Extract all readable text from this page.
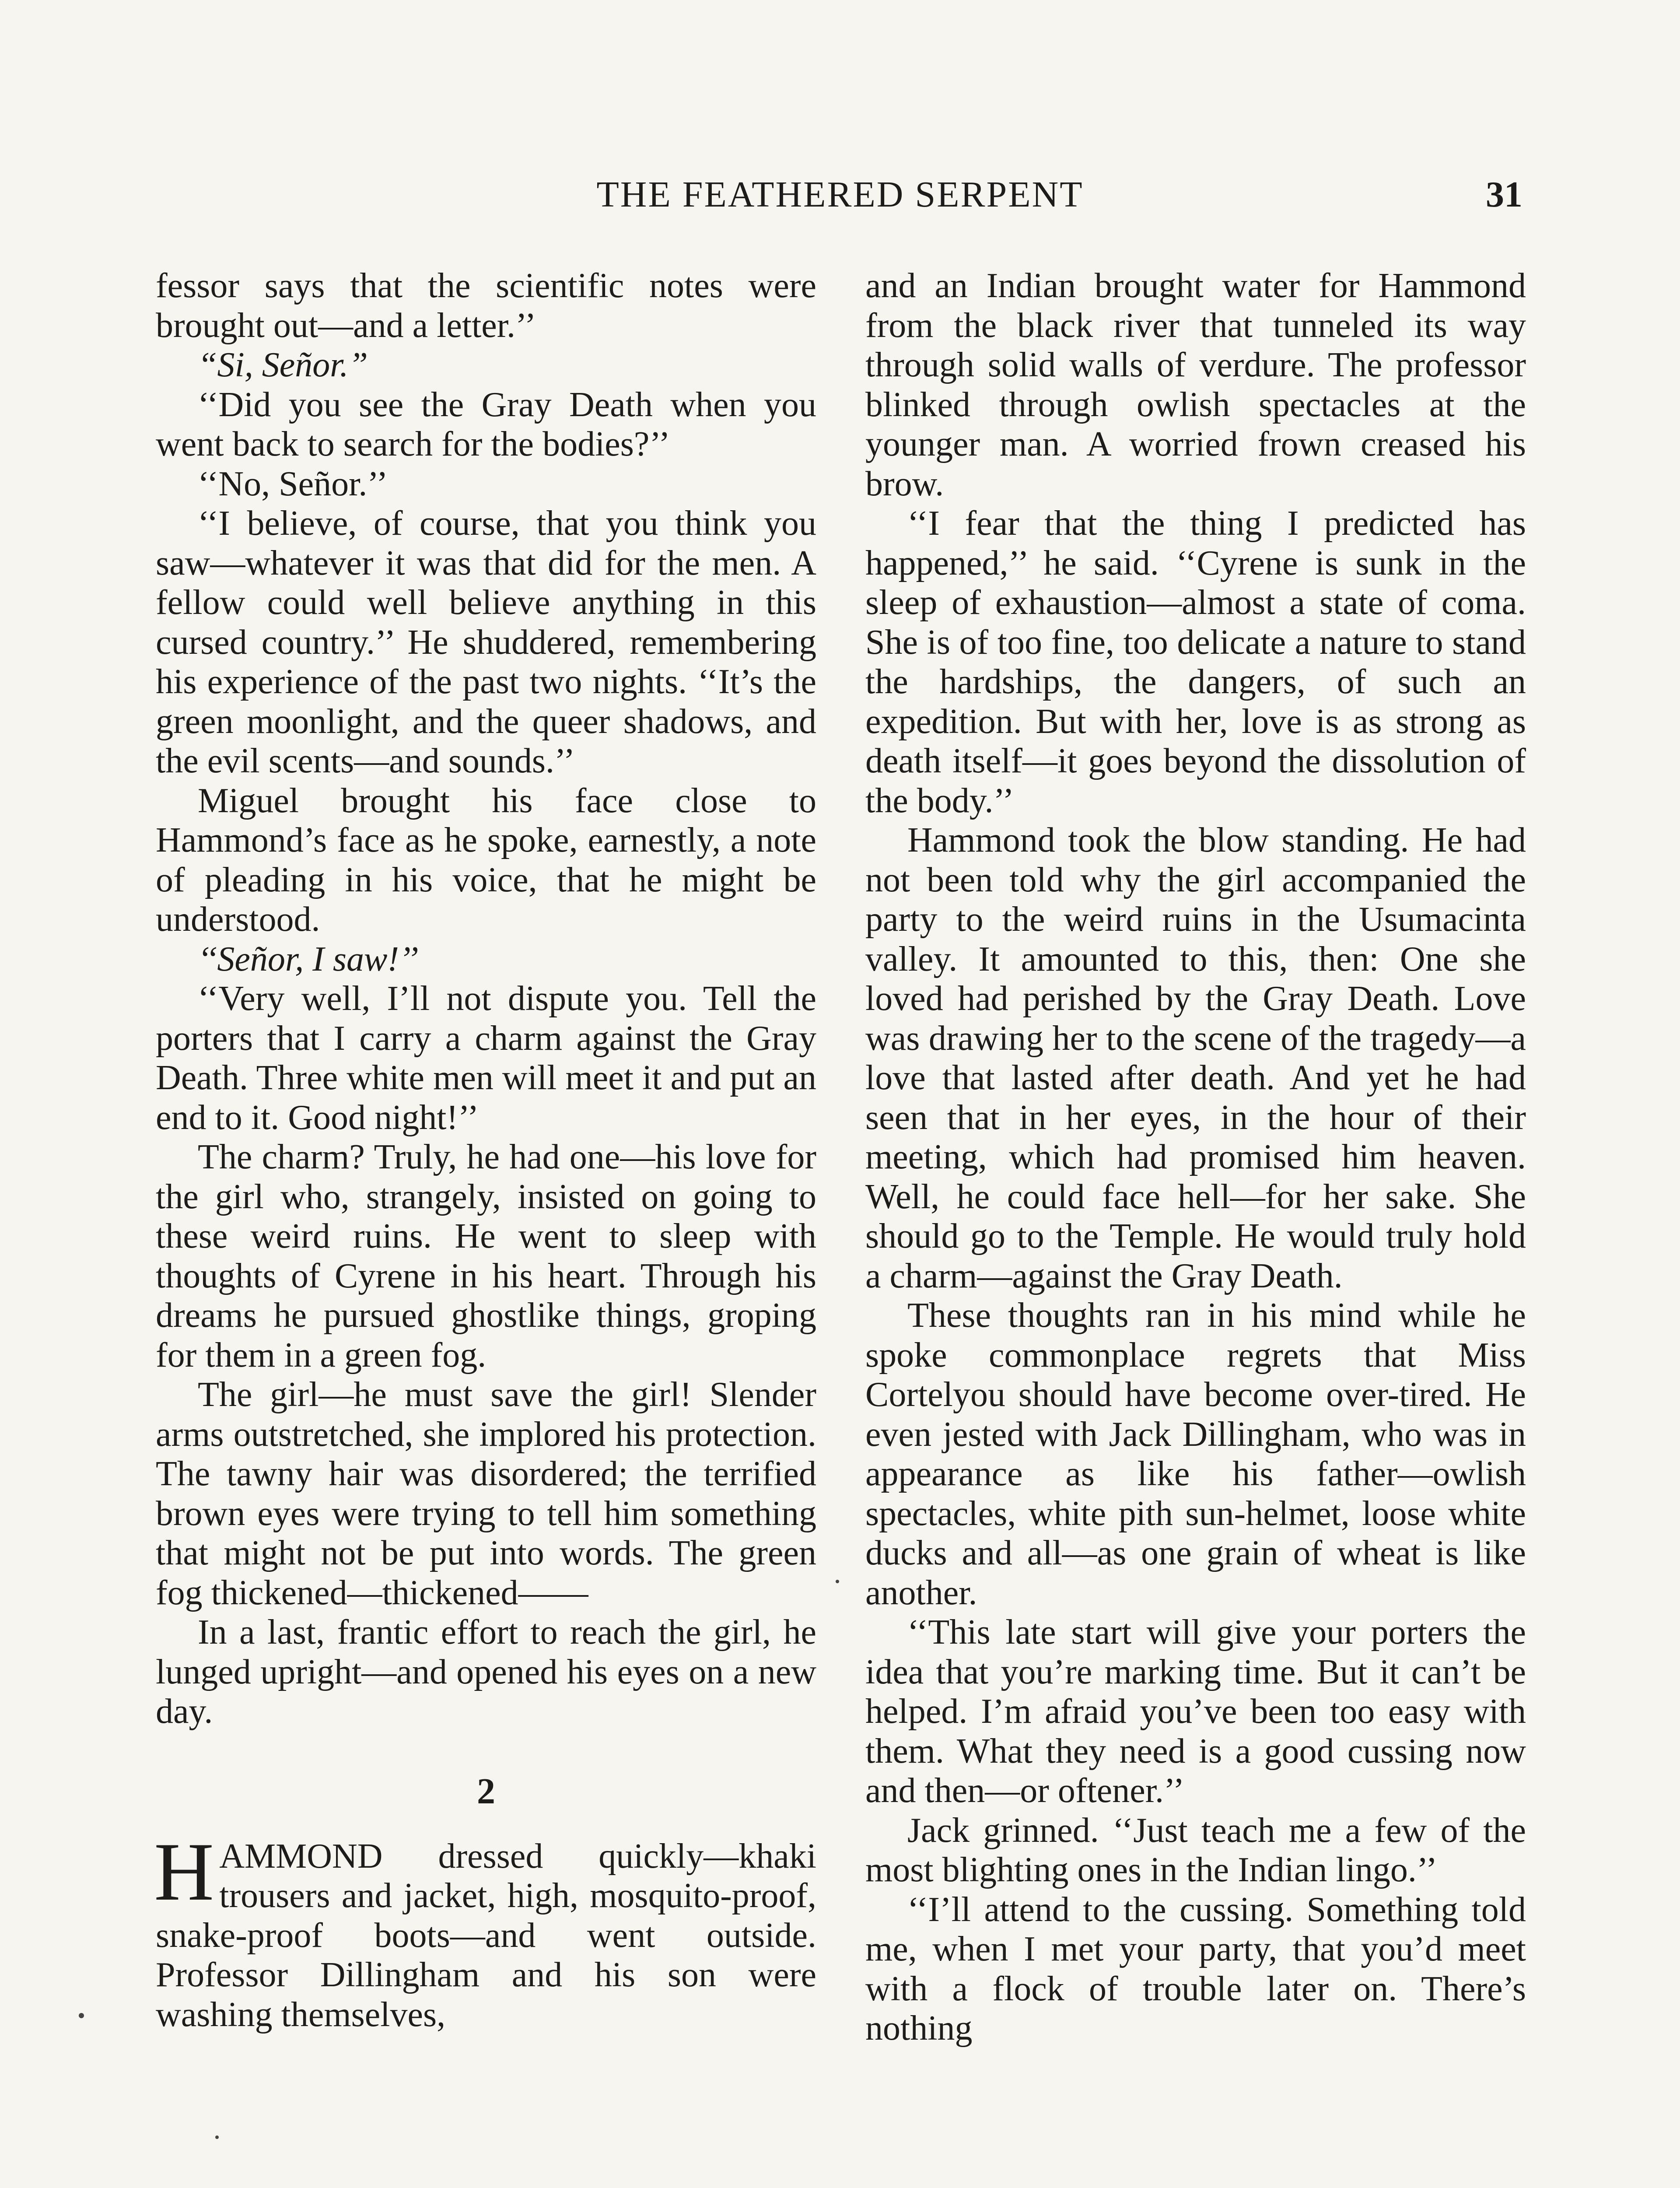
THE FEATHERED SERPENT	31

fessor says that the scientific notes were brought out—and a letter.’’

“Si, Señor.”

‘‘Did you see the Gray Death when you went back to search for the bodies?’’

‘‘No, Señor.’’

‘‘I believe, of course, that you think you saw—whatever it was that did for the men. A fellow could well believe anything in this cursed country.’’ He shuddered, remembering his experience of the past two nights. ‘‘It’s the green moonlight, and the queer shadows, and the evil scents—and sounds.’’

Miguel brought his face close to Hammond’s face as he spoke, earnestly, a note of pleading in his voice, that he might be understood.

‘‘Señor, I saw!’’

‘‘Very well, I’ll not dispute you. Tell the porters that I carry a charm against the Gray Death. Three white men will meet it and put an end to it. Good night!’’

The charm? Truly, he had one—his love for the girl who, strangely, insisted on going to these weird ruins. He went to sleep with thoughts of Cyrene in his heart. Through his dreams he pursued ghostlike things, groping for them in a green fog.

The girl—he must save the girl! Slender arms outstretched, she implored his protection. The tawny hair was disordered; the terrified brown eyes were trying to tell him something that might not be put into words. The green fog thickened—thickened——

In a last, frantic effort to reach the girl, he lunged upright—and opened his eyes on a new day.

2

HAMMOND dressed quickly—khaki trousers and jacket, high, mosquito-proof, snake-proof boots—and went outside. Professor Dillingham and his son were washing themselves,

and an Indian brought water for Hammond from the black river that tunneled its way through solid walls of verdure. The professor blinked through owlish spectacles at the younger man. A worried frown creased his brow.

‘‘I fear that the thing I predicted has happened,’’ he said. ‘‘Cyrene is sunk in the sleep of exhaustion—almost a state of coma. She is of too fine, too delicate a nature to stand the hardships, the dangers, of such an expedition. But with her, love is as strong as death itself—it goes beyond the dissolution of the body.’’

Hammond took the blow standing. He had not been told why the girl accompanied the party to the weird ruins in the Usumacinta valley. It amounted to this, then: One she loved had perished by the Gray Death. Love was drawing her to the scene of the tragedy—a love that lasted after death. And yet he had seen that in her eyes, in the hour of their meeting, which had promised him heaven. Well, he could face hell—for her sake. She should go to the Temple. He would truly hold a charm—against the Gray Death.

These thoughts ran in his mind while he spoke commonplace regrets that Miss Cortelyou should have become over-tired. He even jested with Jack Dillingham, who was in appearance as like his father—owlish spectacles, white pith sun-helmet, loose white ducks and all—as one grain of wheat is like another.

‘‘This late start will give your porters the idea that you’re marking time. But it can’t be helped. I’m afraid you’ve been too easy with them. What they need is a good cussing now and then—or oftener.’’

Jack grinned. ‘‘Just teach me a few of the most blighting ones in the Indian lingo.’’

‘‘I’ll attend to the cussing. Something told me, when I met your party, that you’d meet with a flock of trouble later on. There’s nothing
